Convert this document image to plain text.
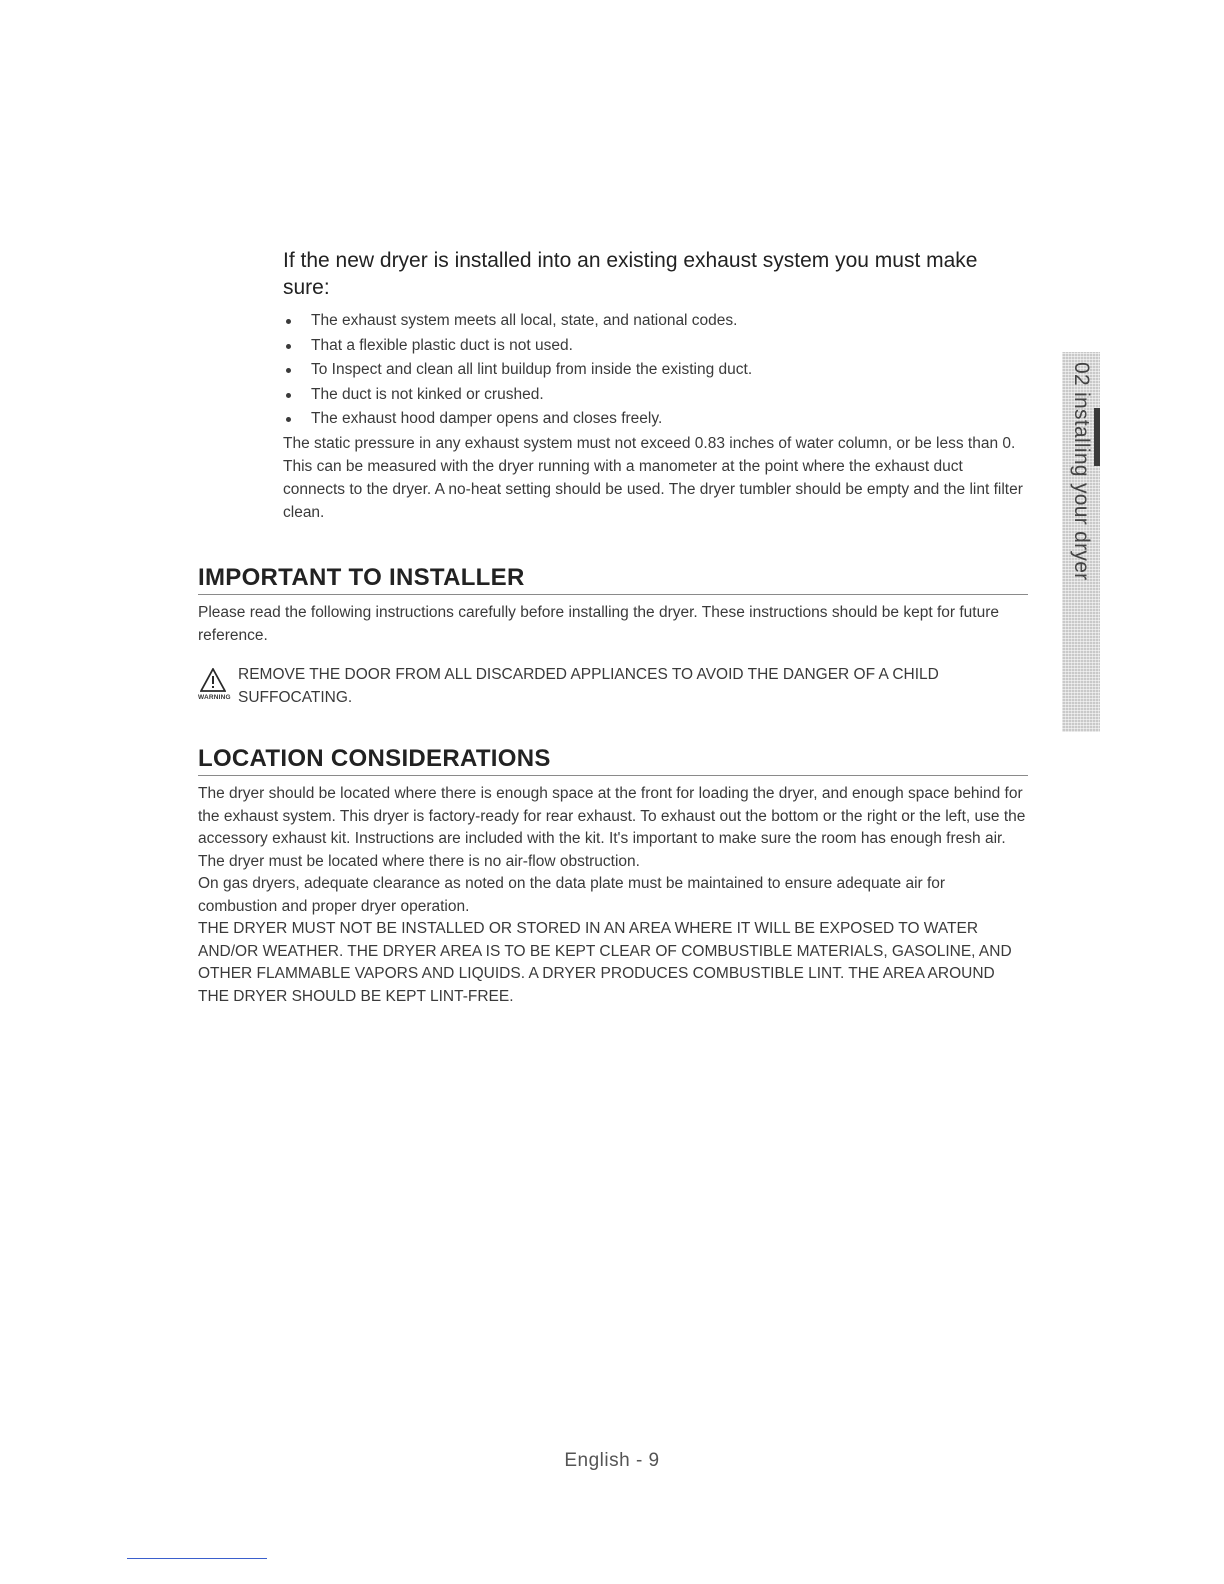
02 installing your dryer

If the new dryer is installed into an existing exhaust system you must make sure:

The exhaust system meets all local, state, and national codes.
That a flexible plastic duct is not used.
To Inspect and clean all lint buildup from inside the existing duct.
The duct is not kinked or crushed.
The exhaust hood damper opens and closes freely.

The static pressure in any exhaust system must not exceed 0.83 inches of water column, or be less than 0.

This can be measured with the dryer running with a manometer at the point where the exhaust duct connects to the dryer. A no-heat setting should be used. The dryer tumbler should be empty and the lint filter clean.

IMPORTANT TO INSTALLER

Please read the following instructions carefully before installing the dryer. These instructions should be kept for future reference.

WARNING

REMOVE THE DOOR FROM ALL DISCARDED APPLIANCES TO AVOID THE DANGER OF A CHILD SUFFOCATING.

LOCATION CONSIDERATIONS

The dryer should be located where there is enough space at the front for loading the dryer, and enough space behind for the exhaust system. This dryer is factory-ready for rear exhaust. To exhaust out the bottom or the right or the left, use the accessory exhaust kit. Instructions are included with the kit. It's important to make sure the room has enough fresh air. The dryer must be located where there is no air-flow obstruction.

On gas dryers, adequate clearance as noted on the data plate must be maintained to ensure adequate air for combustion and proper dryer operation.

THE DRYER MUST NOT BE INSTALLED OR STORED IN AN AREA WHERE IT WILL BE EXPOSED TO WATER AND/OR WEATHER. THE DRYER AREA IS TO BE KEPT CLEAR OF COMBUSTIBLE MATERIALS, GASOLINE, AND OTHER FLAMMABLE VAPORS AND LIQUIDS. A DRYER PRODUCES COMBUSTIBLE LINT. THE AREA AROUND THE DRYER SHOULD BE KEPT LINT-FREE.

English - 9
